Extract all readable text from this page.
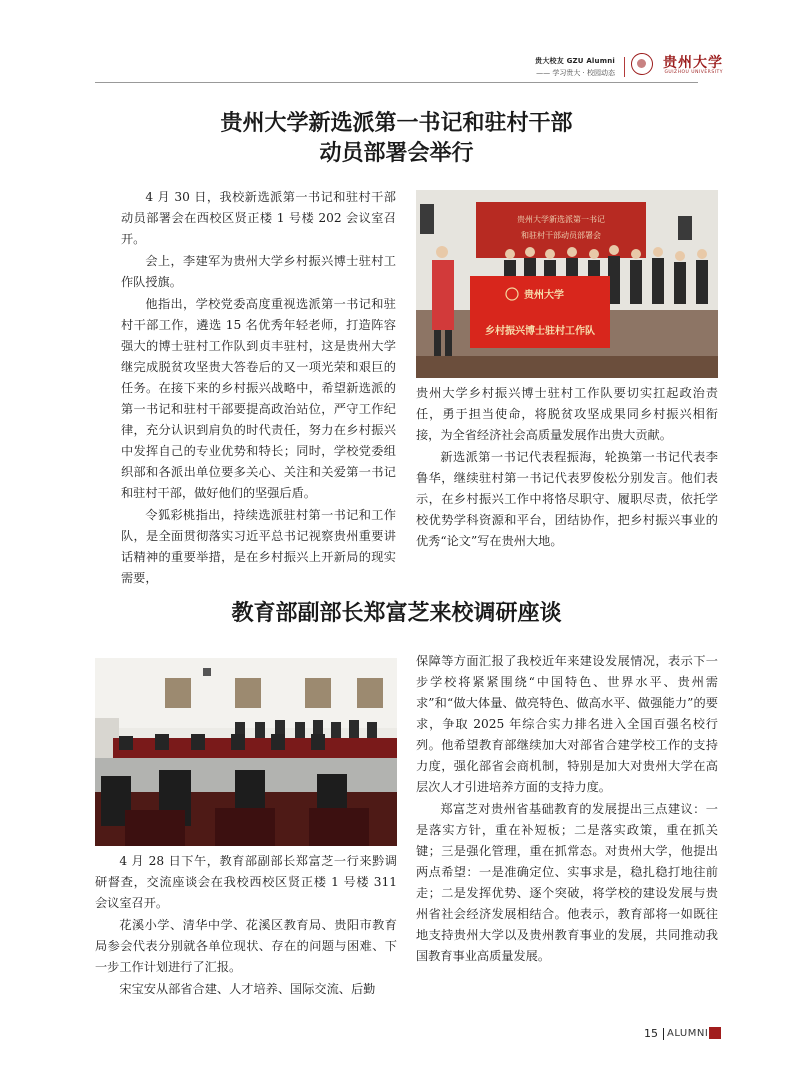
贵大校友 GZU Alumni
—— 学习贵大 · 校园动态
贵州大学
GUIZHOU UNIVERSITY
贵州大学新选派第一书记和驻村干部
动员部署会举行

4 月 30 日，我校新选派第一书记和驻村干部动员部署会在西校区贤正楼 1 号楼 202 会议室召开。

会上，李建军为贵州大学乡村振兴博士驻村工作队授旗。

他指出，学校党委高度重视选派第一书记和驻村干部工作，遴选 15 名优秀年轻老师，打造阵容强大的博士驻村工作队到贞丰驻村，这是贵州大学继完成脱贫攻坚贵大答卷后的又一项光荣和艰巨的任务。在接下来的乡村振兴战略中，希望新选派的第一书记和驻村干部要提高政治站位，严守工作纪律，充分认识到肩负的时代责任，努力在乡村振兴中发挥自己的专业优势和特长；同时，学校党委组织部和各派出单位要多关心、关注和关爱第一书记和驻村干部，做好他们的坚强后盾。

令狐彩桃指出，持续选派驻村第一书记和工作队，是全面贯彻落实习近平总书记视察贵州重要讲话精神的重要举措，是在乡村振兴上开新局的现实需要，

贵州大学新选派第一书记
和驻村干部动员部署会
贵州大学
乡村振兴博士驻村工作队

贵州大学乡村振兴博士驻村工作队要切实扛起政治责任，勇于担当使命，将脱贫攻坚成果同乡村振兴相衔接，为全省经济社会高质量发展作出贵大贡献。

新选派第一书记代表程振海，轮换第一书记代表李鲁华，继续驻村第一书记代表罗俊松分别发言。他们表示，在乡村振兴工作中将恪尽职守、履职尽责，依托学校优势学科资源和平台，团结协作，把乡村振兴事业的优秀“论文”写在贵州大地。

教育部副部长郑富芝来校调研座谈

4 月 28 日下午，教育部副部长郑富芝一行来黔调研督查，交流座谈会在我校西校区贤正楼 1 号楼 311 会议室召开。

花溪小学、清华中学、花溪区教育局、贵阳市教育局参会代表分别就各单位现状、存在的问题与困难、下一步工作计划进行了汇报。

宋宝安从部省合建、人才培养、国际交流、后勤

保障等方面汇报了我校近年来建设发展情况，表示下一步学校将紧紧围绕“中国特色、世界水平、贵州需求”和“做大体量、做亮特色、做高水平、做强能力”的要求，争取 2025 年综合实力排名进入全国百强名校行列。他希望教育部继续加大对部省合建学校工作的支持力度，强化部省会商机制，特别是加大对贵州大学在高层次人才引进培养方面的支持力度。

郑富芝对贵州省基础教育的发展提出三点建议：一是落实方针，重在补短板；二是落实政策，重在抓关键；三是强化管理，重在抓常态。对贵州大学，他提出两点希望：一是准确定位、实事求是，稳扎稳打地往前走；二是发挥优势、逐个突破，将学校的建设发展与贵州省社会经济发展相结合。他表示，教育部将一如既往地支持贵州大学以及贵州教育事业的发展，共同推动我国教育事业高质量发展。

15 ALUMNI
